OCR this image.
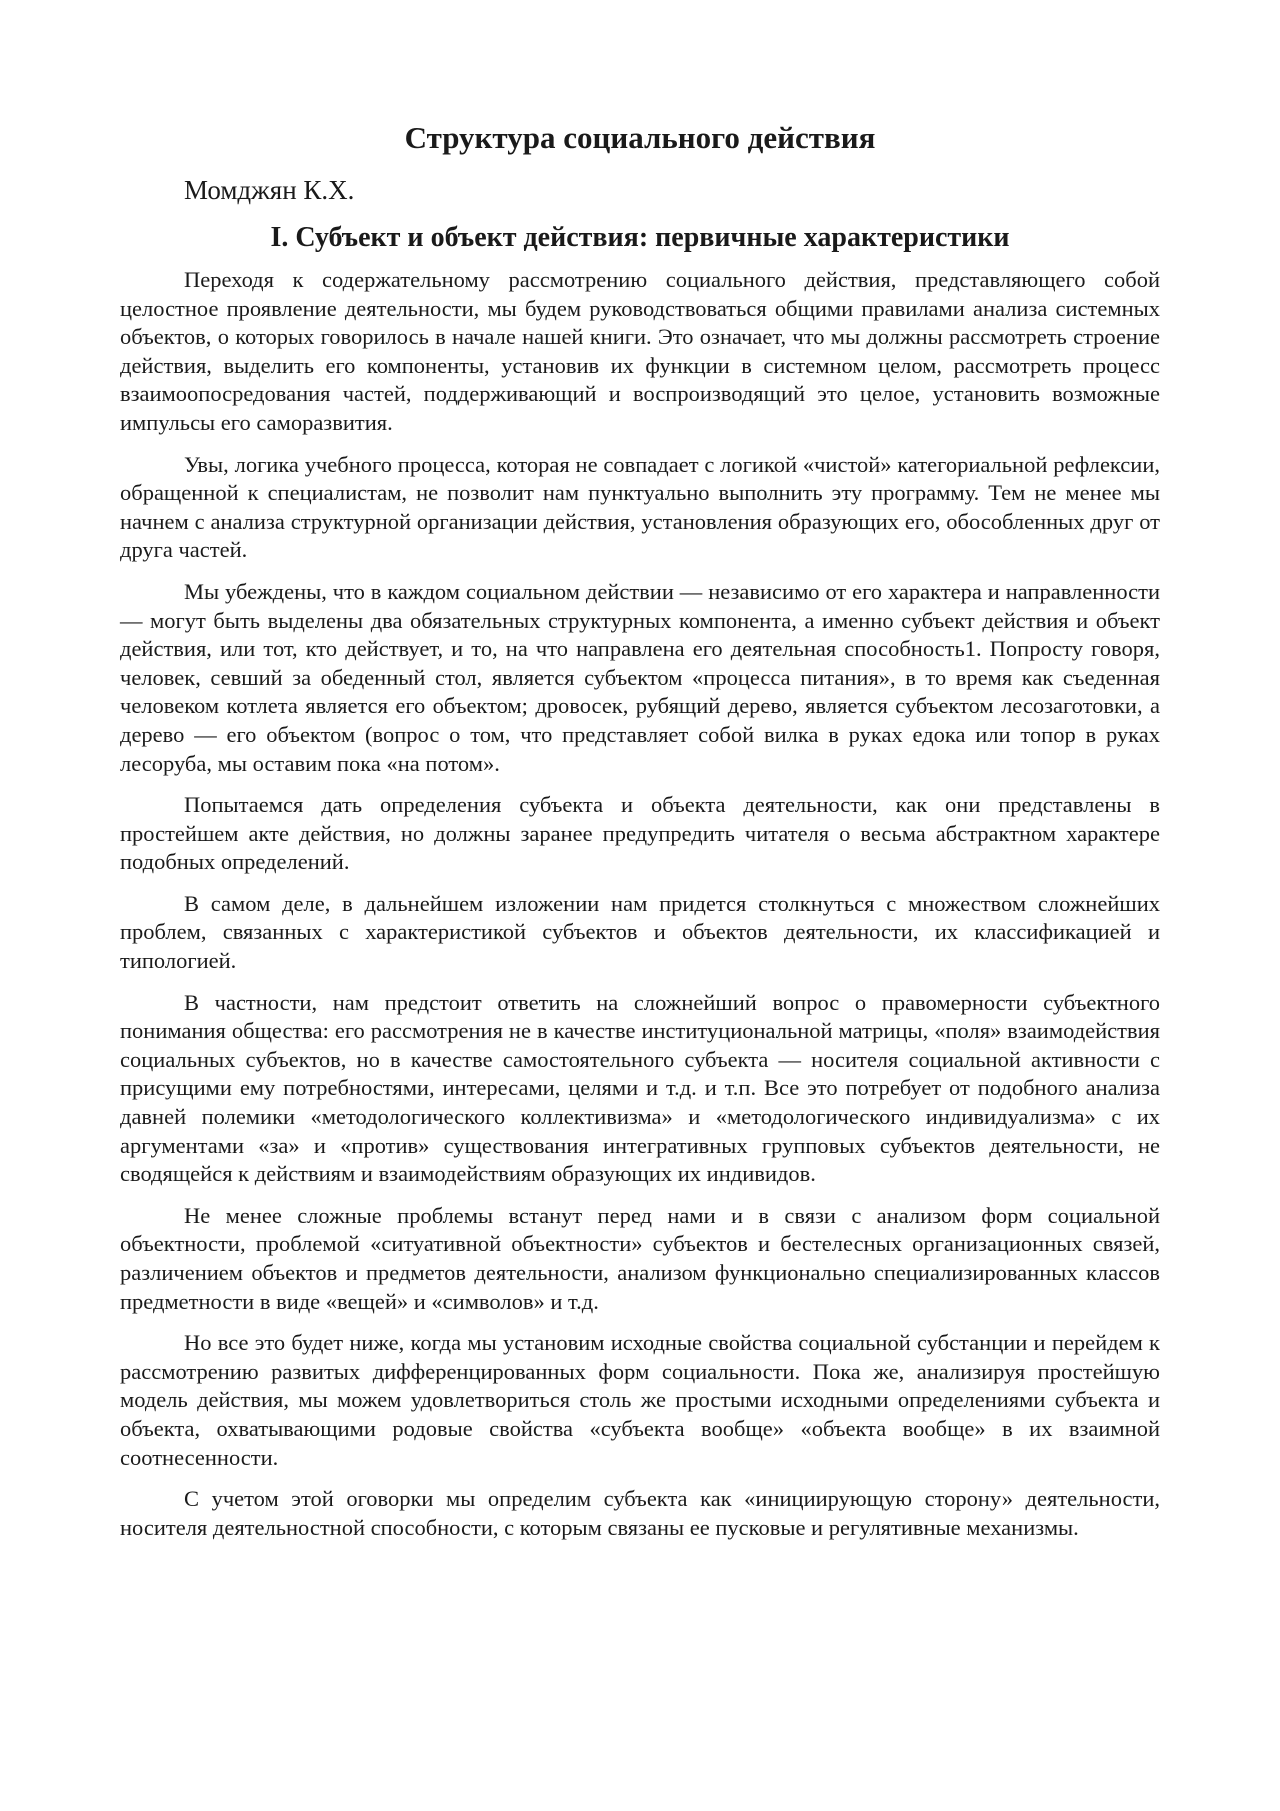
Структура социального действия

Момджян К.Х.

I. Субъект и объект действия: первичные характеристики

Переходя к содержательному рассмотрению социального действия, представляющего собой целостное проявление деятельности, мы будем руководствоваться общими правилами анализа системных объектов, о которых говорилось в начале нашей книги. Это означает, что мы должны рассмотреть строение действия, выделить его компоненты, установив их функции в системном целом, рассмотреть процесс взаимоопосредования частей, поддерживающий и воспроизводящий это целое, установить возможные импульсы его саморазвития.

Увы, логика учебного процесса, которая не совпадает с логикой «чистой» категориальной рефлексии, обращенной к специалистам, не позволит нам пунктуально выполнить эту программу. Тем не менее мы начнем с анализа структурной организации действия, установления образующих его, обособленных друг от друга частей.

Мы убеждены, что в каждом социальном действии — независимо от его характера и направленности — могут быть выделены два обязательных структурных компонента, а именно субъект действия и объект действия, или тот, кто действует, и то, на что направлена его деятельная способность1. Попросту говоря, человек, севший за обеденный стол, является субъектом «процесса питания», в то время как съеденная человеком котлета является его объектом; дровосек, рубящий дерево, является субъектом лесозаготовки, а дерево — его объектом (вопрос о том, что представляет собой вилка в руках едока или топор в руках лесоруба, мы оставим пока «на потом».

Попытаемся дать определения субъекта и объекта деятельности, как они представлены в простейшем акте действия, но должны заранее предупредить читателя о весьма абстрактном характере подобных определений.

В самом деле, в дальнейшем изложении нам придется столкнуться с множеством сложнейших проблем, связанных с характеристикой субъектов и объектов деятельности, их классификацией и типологией.

В частности, нам предстоит ответить на сложнейший вопрос о правомерности субъектного понимания общества: его рассмотрения не в качестве институциональной матрицы, «поля» взаимодействия социальных субъектов, но в качестве самостоятельного субъекта — носителя социальной активности с присущими ему потребностями, интересами, целями и т.д. и т.п. Все это потребует от подобного анализа давней полемики «методологического коллективизма» и «методологического индивидуализма» с их аргументами «за» и «против» существования интегративных групповых субъектов деятельности, не сводящейся к действиям и взаимодействиям образующих их индивидов.

Не менее сложные проблемы встанут перед нами и в связи с анализом форм социальной объектности, проблемой «ситуативной объектности» субъектов и бестелесных организационных связей, различением объектов и предметов деятельности, анализом функционально специализированных классов предметности в виде «вещей» и «символов» и т.д.

Но все это будет ниже, когда мы установим исходные свойства социальной субстанции и перейдем к рассмотрению развитых дифференцированных форм социальности. Пока же, анализируя простейшую модель действия, мы можем удовлетвориться столь же простыми исходными определениями субъекта и объекта, охватывающими родовые свойства «субъекта вообще» «объекта вообще» в их взаимной соотнесенности.

С учетом этой оговорки мы определим субъекта как «инициирующую сторону» деятельности, носителя деятельностной способности, с которым связаны ее пусковые и регулятивные механизмы.
